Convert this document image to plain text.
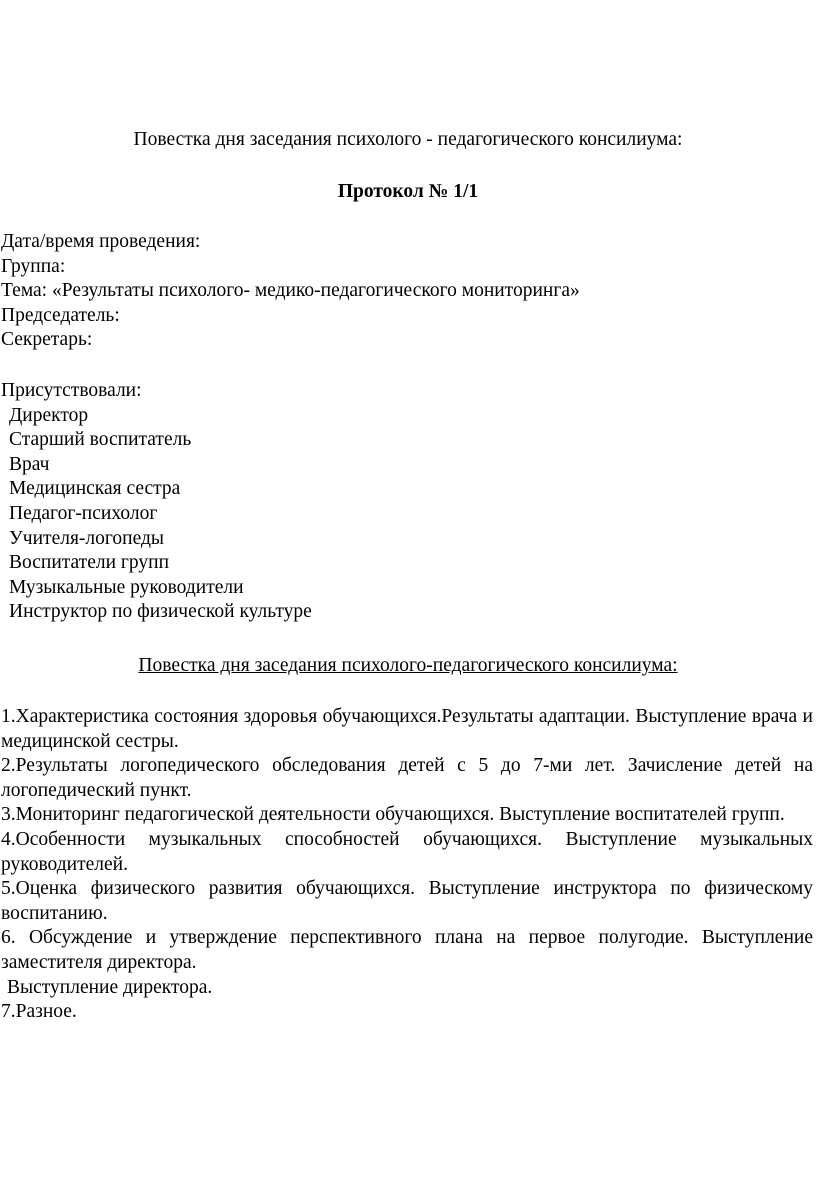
Повестка дня заседания психолого - педагогического консилиума:

Протокол № 1/1

Дата/время проведения:
Группа:
Тема: «Результаты психолого- медико-педагогического мониторинга»
Председатель:
Секретарь:
Присутствовали:
Директор
Старший воспитатель
Врач
Медицинская сестра
Педагог-психолог
Учителя-логопеды
Воспитатели групп
Музыкальные руководители
Инструктор по физической культуре

Повестка дня заседания психолого-педагогического консилиума:

1.Характеристика состояния здоровья обучающихся.Результаты адаптации. Выступление врача и медицинской сестры.

2.Результаты логопедического обследования детей с 5 до 7-ми лет. Зачисление детей на логопедический пункт.

3.Мониторинг педагогической деятельности обучающихся. Выступление воспитателей групп.

4.Особенности музыкальных способностей обучающихся. Выступление музыкальных руководителей.

5.Оценка физического развития обучающихся. Выступление инструктора по физическому воспитанию.

6. Обсуждение и утверждение перспективного плана на первое полугодие. Выступление заместителя директора.

Выступление директора.

7.Разное.
